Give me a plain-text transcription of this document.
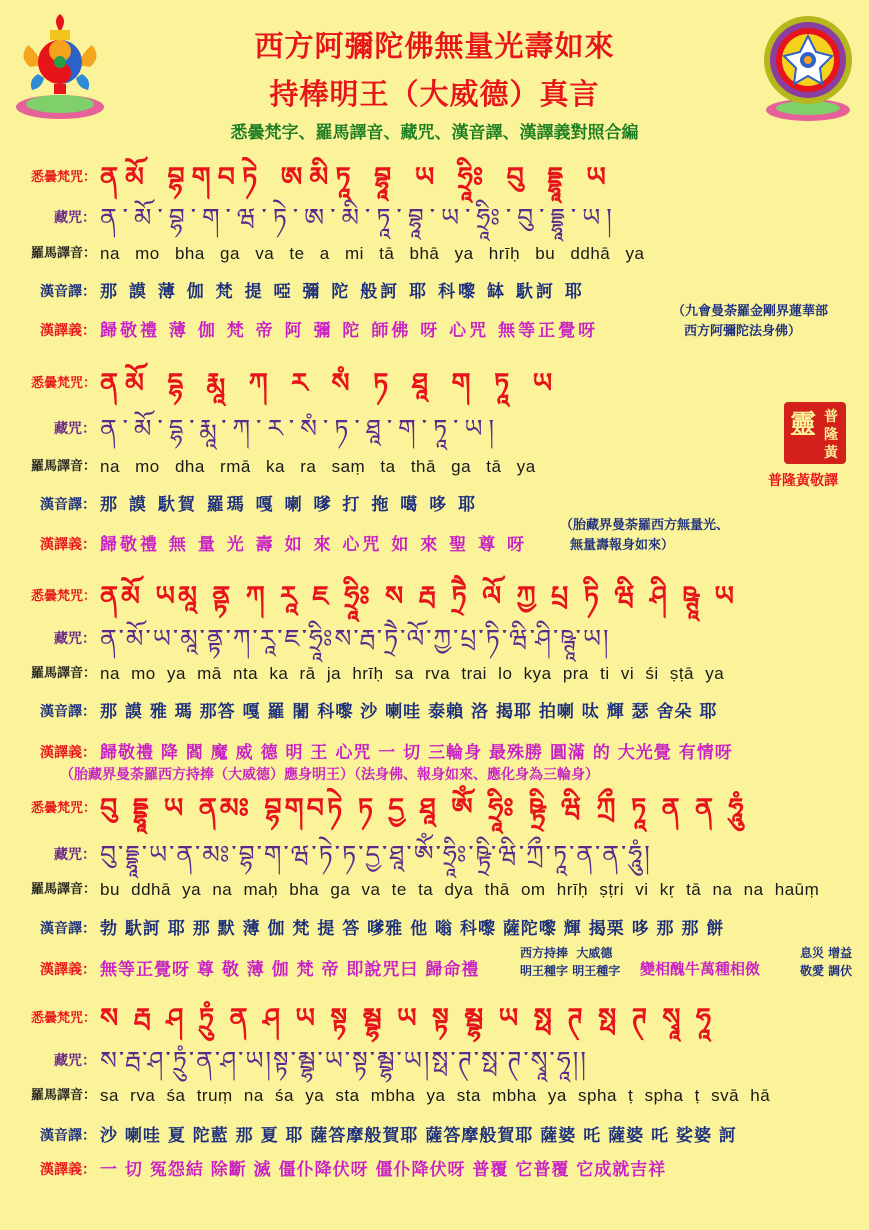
西方阿彌陀佛無量光壽如來
持棒明王（大威德）真言
悉曇梵字、羅馬譯音、藏咒、漢音譯、漢譯義對照合編
悉曇梵咒： ནམོ བྷགབཏེ ཨམིཏཱ བྷཱ ཡ ཧྲཱིཿ བུ དྡྷཱ ཡ
藏咒： ན་མོ་བྷ་ག་ཝ་ཏེ་ཨ་མི་ཏཱ་བྷཱ་ཡ་ཧྲཱིཿ་བུ་དྡྷཱ་ཡ།
羅馬譯音： na mo bha ga va te a mi tā bhā ya hrīḥ bu ddhā ya
漢音譯： 那 謨 薄 伽 梵 提 啞 彌 陀 般訶 耶 科嚟 缽 馱訶 耶
漢譯義： 歸敬禮 薄 伽 梵 帝 阿 彌 陀 師佛 呀 心咒 無等正覺呀
（九會曼荼羅金剛界蓮華部
西方阿彌陀法身佛）
悉曇梵咒： ནམོ དྷ རྨཱ ཀ ར སཾ ཏ ཐཱ ག ཏཱ ཡ
藏咒： ན་མོ་དྷ་རྨཱ་ཀ་ར་སཾ་ཏ་ཐཱ་ག་ཏཱ་ཡ།
羅馬譯音： na mo dha rmā ka ra saṃ ta thā ga tā ya
漢音譯： 那 謨 馱賀 羅瑪 嘎 喇 嗲 打 拖 噶 哆 耶
漢譯義： 歸敬禮 無 量 光 壽 如 來 心咒 如 來 聖 尊 呀
（胎藏界曼荼羅西方無量光、
無量壽報身如來）
靈 普
隆
黃
普隆黃敬譯
悉曇梵咒： ནམོ ཡམཱ ནྟ ཀ རཱ ཇ ཧྲཱིཿ ས རྦ ཏྲཻ ལོ ཀྱ པྲ ཏི ཝི ཤི ཥྚཱ ཡ
藏咒： ན་མོ་ཡ་མཱ་ནྟ་ཀ་རཱ་ཇ་ཧྲཱིཿས་རྦ་ཏྲཻ་ལོ་ཀྱ་པྲ་ཏི་ཝི་ཤི་ཥྚཱ་ཡ།
羅馬譯音： na mo ya mā nta ka rā ja hrīḥ sa rva trai lo kya pra ti vi śi ṣṭā ya
漢音譯： 那 謨 雅 瑪 那答 嘎 羅 闍 科嚟 沙 喇哇 泰賴 洛 揭耶 拍喇 呔 輝 瑟 舍朵 耶
漢譯義： 歸敬禮 降 閻 魔 威 德 明 王 心咒 一 切 三輪身 最殊勝 圓滿 的 大光覺 有情呀
（胎藏界曼荼羅西方持捧（大威德）應身明王）（法身佛、報身如來、應化身為三輪身）
悉曇梵咒： བུ དྡྷཱ ཡ ནམཿ བྷགབཏེ ཏ དྱ ཐཱ ཨོཾ ཧྲཱིཿ ཥྟྲི ཝི ཀྲྀ ཏཱ ན ན ཧཱུཾ
藏咒： བུ་དྡྷཱ་ཡ་ན་མཿ་བྷ་ག་ཝ་ཏེ་ཏ་དྱ་ཐཱ་ཨོཾ་ཧྲཱིཿ་ཥྟྲི་ཝི་ཀྲྀ་ཏཱ་ན་ན་ཧཱུཾ།
羅馬譯音： bu ddhā ya na maḥ bha ga va te ta dya thā om hrīḥ ṣṭri vi kṛ tā na na haūṃ
漢音譯： 勃 馱訶 耶 那 默 薄 伽 梵 提 答 嗲雅 他 嗡 科嚟 薩陀嚟 輝 揭栗 哆 那 那 餅
漢譯義： 無等正覺呀 尊 敬 薄 伽 梵 帝 即說咒曰 歸命禮
西方持捧 大威德
明王種字 明王種字 變相醜牛萬種相傚
息災 增益
敬愛 調伏
悉曇梵咒： ས རྦ ཤ ཏྲུཾ ན ཤ ཡ སྟ མྦྷ ཡ སྟ མྦྷ ཡ སྥ ཊ སྥ ཊ སྭཱ ཧཱ
藏咒： ས་རྦ་ཤ་ཏྲུཾ་ན་ཤ་ཡ།སྟ་མྦྷ་ཡ་སྟ་མྦྷ་ཡ།སྥ་ཊ་སྥ་ཊ་སྭཱ་ཧཱ།།
羅馬譯音： sa rva śa truṃ na śa ya sta mbha ya sta mbha ya spha ṭ spha ṭ svā hā
漢音譯： 沙 喇哇 夏 陀藍 那 夏 耶 薩答摩般賀耶 薩答摩般賀耶 薩婆 吒 薩婆 吒 娑婆 訶
漢譯義： 一 切 冤怨結 除斷 滅 僵仆降伏呀 僵仆降伏呀 普覆 它普覆 它成就吉祥
